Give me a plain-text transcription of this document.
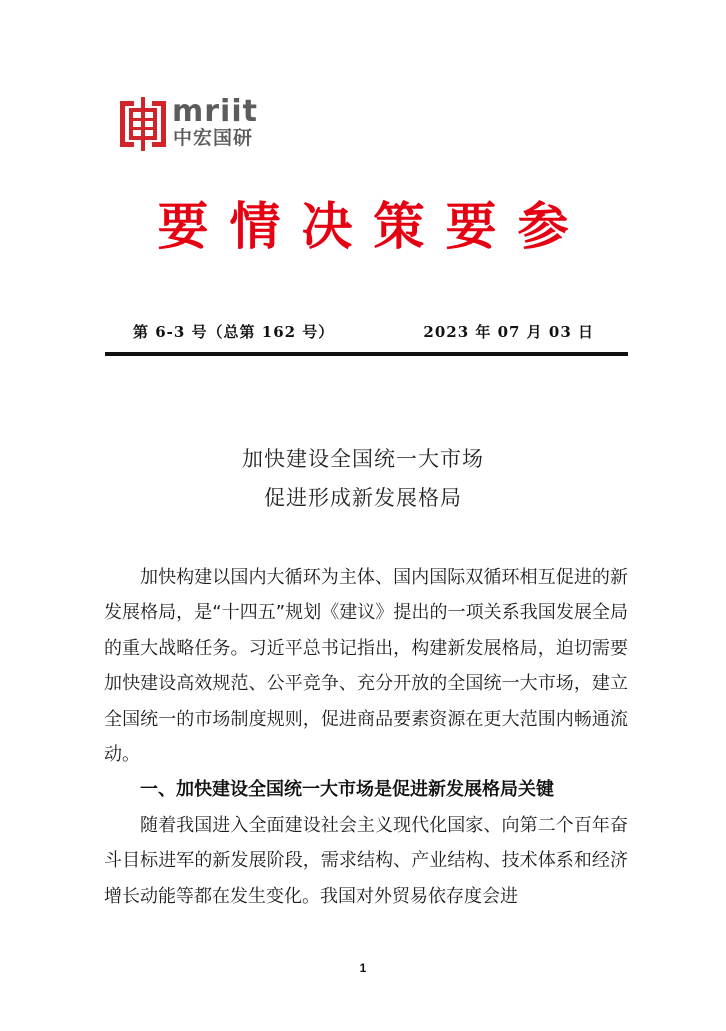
mriit
中宏国研
要情决策要参
第 6-3 号（总第 162 号）	2023 年 07 月 03 日
加快建设全国统一大市场
促进形成新发展格局

加快构建以国内大循环为主体、国内国际双循环相互促进的新发展格局，是“十四五”规划《建议》提出的一项关系我国发展全局的重大战略任务。习近平总书记指出，构建新发展格局，迫切需要加快建设高效规范、公平竞争、充分开放的全国统一大市场，建立全国统一的市场制度规则，促进商品要素资源在更大范围内畅通流动。

一、加快建设全国统一大市场是促进新发展格局关键

随着我国进入全面建设社会主义现代化国家、向第二个百年奋斗目标进军的新发展阶段，需求结构、产业结构、技术体系和经济增长动能等都在发生变化。我国对外贸易依存度会进

1
